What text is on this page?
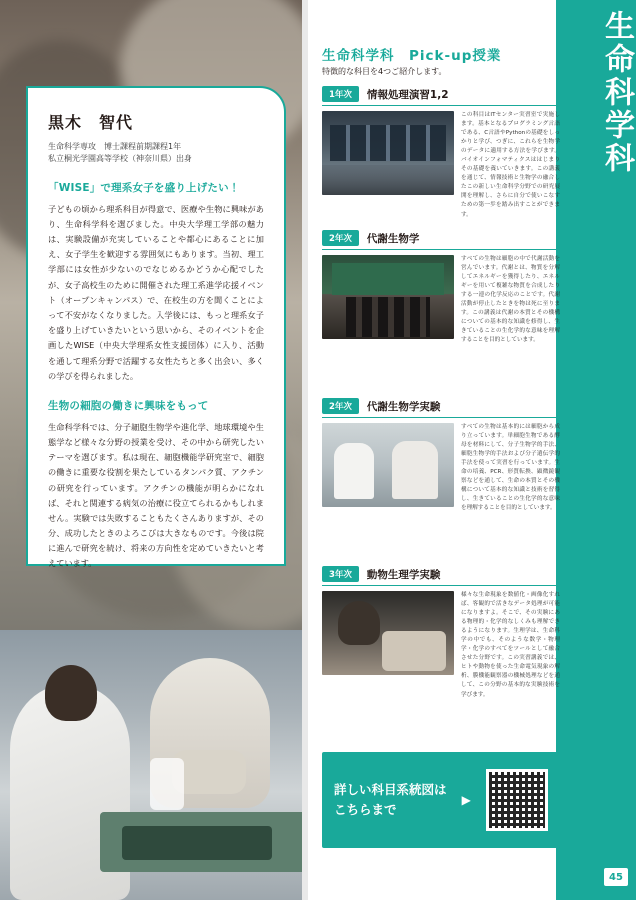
黒木　智代
生命科学専攻　博士課程前期課程1年
私立桐光学園高等学校（神奈川県）出身
「WISE」で理系女子を盛り上げたい！

子どもの頃から理系科目が得意で、医療や生物に興味があり、生命科学科を選びました。中央大学理工学部の魅力は、実験設備が充実していることや都心にあることに加え、女子学生を歓迎する雰囲気にもあります。当初、理工学部には女性が少ないのでなじめるかどうか心配でしたが、女子高校生のために開催された理工系進学応援イベント（オープンキャンパス）で、在校生の方を聞くことによって不安がなくなりました。入学後には、もっと理系女子を盛り上げていきたいという思いから、そのイベントを企画したWISE（中央大学理系女性支援団体）に入り、活動を通して理系分野で活躍する女性たちと多く出会い、多くの学びを得られました。

生物の細胞の働きに興味をもって

生命科学科では、分子細胞生物学や進化学、地球環境や生態学など様々な分野の授業を受け、その中から研究したいテーマを選びます。私は現在、細胞機能学研究室で、細胞の働きに重要な役割を果たしているタンパク質、アクチンの研究を行っています。アクチンの機能が明らかになれば、それと関連する病気の治療に役立てられるかもしれません。実験では失敗することもたくさんありますが、その分、成功したときのよろこびは大きなものです。今後は院に進んで研究を続け、将来の方向性を定めていきたいと考えています。

生命科学科
生命科学科　Pick-up授業
特徴的な科目を4つご紹介します。
1年次	情報処理演習1,2
この科目はITセンター実習室で実施します。基本となるプログラミング言語である、C言語やPythonの基礎をしっかりと学び、つぎに、これらを生物学のデータに適用する方法を学びます。バイオインフォマティクスははじまりその基礎を養いていきます。この講義を通じて、情報技術と生物学の融合したこの新しい生命科学分野での研究展開を理解し、さらに自分で使いこなすための第一歩を踏み出すことができます。
2年次	代謝生物学
すべての生物は細胞の中で代謝活動を営んでいます。代謝とは、物質を分解してエネルギーを獲得したり、エネルギーを用いて複雑な物質を合成したりする一連の化学反応のことです。代謝活動が停止したときを物は死に至ります。この講義は代謝の本質とその機構についての基本的な知識を修得し、生きていることの生化学的な意味を理解することを目的としています。
2年次	代謝生物学実験
すべての生物は基本的には細胞から成り立っています。単細胞生物である酵母を材料にして、分子生物学的手法、細胞生物学的手法および分子遺伝学的手法を使って実習を行っています。生命の培養、PCR、形質転換、顕微鏡観察などを通して、生命の本質とその機構について基本的な知識と技術を習得し、生きていることの生化学的な意味を理解することを目的としています。
3年次	動物生理学実験
様々な生命現象を数値化・画像化すれば、客観的で活きなデータ処理が可能になりますよ。そこで、その実験にある物理的・化学的なしくみも理解できるようになります。生理学は、生命科学の中でも、そのような数学・物理学・化学のすべてをツールとして融合させた分野です。この実習講義では、ヒトや動物を使った生命電気現象の解析、膜機能観察器の機械処理などを通して、この分野の基本的な実験技術を学びます。
詳しい科目系統図は
こちらまで
▶
45
